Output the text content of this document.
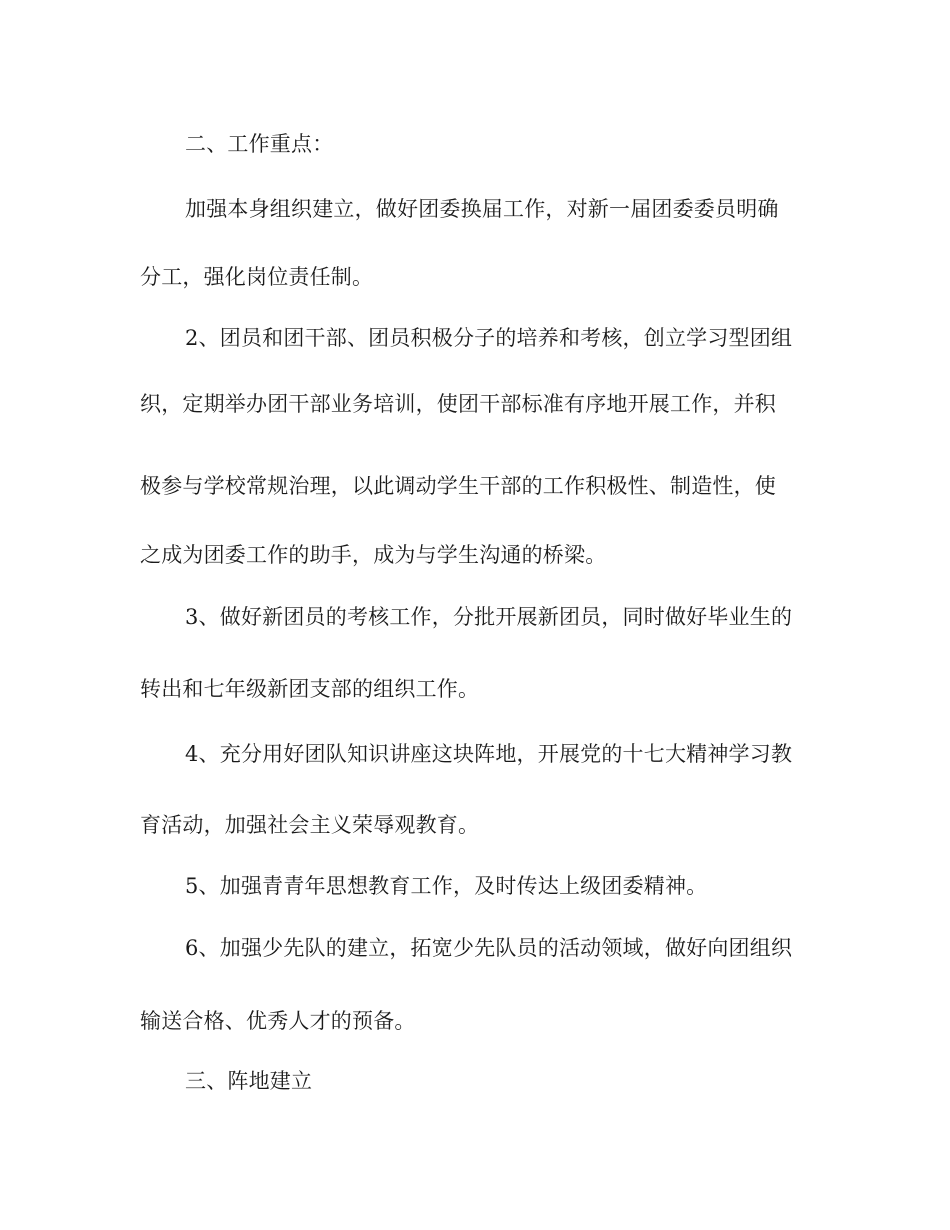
二、工作重点：

加强本身组织建立，做好团委换届工作，对新一届团委委员明确

分工，强化岗位责任制。

2、团员和团干部、团员积极分子的培养和考核，创立学习型团组

织，定期举办团干部业务培训，使团干部标准有序地开展工作，并积

极参与学校常规治理，以此调动学生干部的工作积极性、制造性，使

之成为团委工作的助手，成为与学生沟通的桥梁。

3、做好新团员的考核工作，分批开展新团员，同时做好毕业生的

转出和七年级新团支部的组织工作。

4、充分用好团队知识讲座这块阵地，开展党的十七大精神学习教

育活动，加强社会主义荣辱观教育。

5、加强青青年思想教育工作，及时传达上级团委精神。

6、加强少先队的建立，拓宽少先队员的活动领域，做好向团组织

输送合格、优秀人才的预备。

三、阵地建立
